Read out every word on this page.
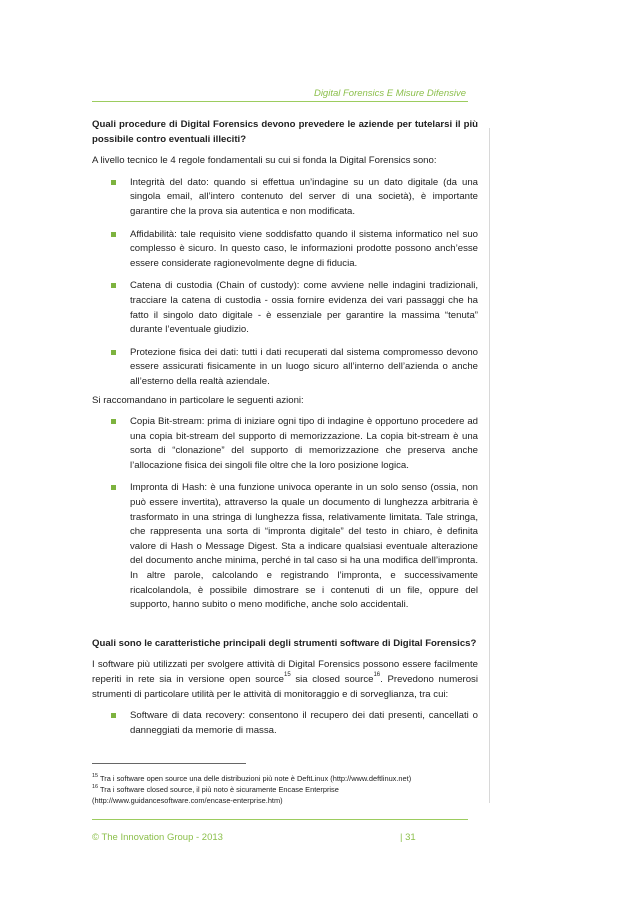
Digital Forensics E Misure Difensive

Quali procedure di Digital Forensics devono prevedere le aziende per tutelarsi il più possibile contro eventuali illeciti?

A livello tecnico le 4 regole fondamentali su cui si fonda la Digital Forensics sono:

Integrità del dato: quando si effettua un’indagine su un dato digitale (da una singola email, all’intero contenuto del server di una società), è importante garantire che la prova sia autentica e non modificata.

Affidabilità: tale requisito viene soddisfatto quando il sistema informatico nel suo complesso è sicuro. In questo caso, le informazioni prodotte possono anch’esse essere considerate ragionevolmente degne di fiducia.

Catena di custodia (Chain of custody): come avviene nelle indagini tradizionali, tracciare la catena di custodia - ossia fornire evidenza dei vari passaggi che ha fatto il singolo dato digitale - è essenziale per garantire la massima “tenuta” durante l’eventuale giudizio.

Protezione fisica dei dati: tutti i dati recuperati dal sistema compromesso devono essere assicurati fisicamente in un luogo sicuro all’interno dell’azienda o anche all’esterno della realtà aziendale.

Si raccomandano in particolare le seguenti azioni:

Copia Bit-stream: prima di iniziare ogni tipo di indagine è opportuno procedere ad una copia bit-stream del supporto di memorizzazione. La copia bit-stream è una sorta di “clonazione” del supporto di memorizzazione che preserva anche l’allocazione fisica dei singoli file oltre che la loro posizione logica.

Impronta di Hash: è una funzione univoca operante in un solo senso (ossia, non può essere invertita), attraverso la quale un documento di lunghezza arbitraria è trasformato in una stringa di lunghezza fissa, relativamente limitata. Tale stringa, che rappresenta una sorta di “impronta digitale” del testo in chiaro, è definita valore di Hash o Message Digest. Sta a indicare qualsiasi eventuale alterazione del documento anche minima, perché in tal caso si ha una modifica dell’impronta. In altre parole, calcolando e registrando l’impronta, e successivamente ricalcolandola, è possibile dimostrare se i contenuti di un file, oppure del supporto, hanno subito o meno modifiche, anche solo accidentali.

Quali sono le caratteristiche principali degli strumenti software di Digital Forensics?

I software più utilizzati per svolgere attività di Digital Forensics possono essere facilmente reperiti in rete sia in versione open source$^{15}$ sia closed source$^{16}$. Prevedono numerosi strumenti di particolare utilità per le attività di monitoraggio e di sorveglianza, tra cui:

Software di data recovery: consentono il recupero dei dati presenti, cancellati o danneggiati da memorie di massa.

$^{15}$ Tra i software open source una delle distribuzioni più note è DeftLinux (http://www.deftlinux.net)

$^{16}$ Tra i software closed source, il più noto è sicuramente Encase Enterprise

(http://www.guidancesoftware.com/encase-enterprise.htm)

© The Innovation Group - 2013	| 31
